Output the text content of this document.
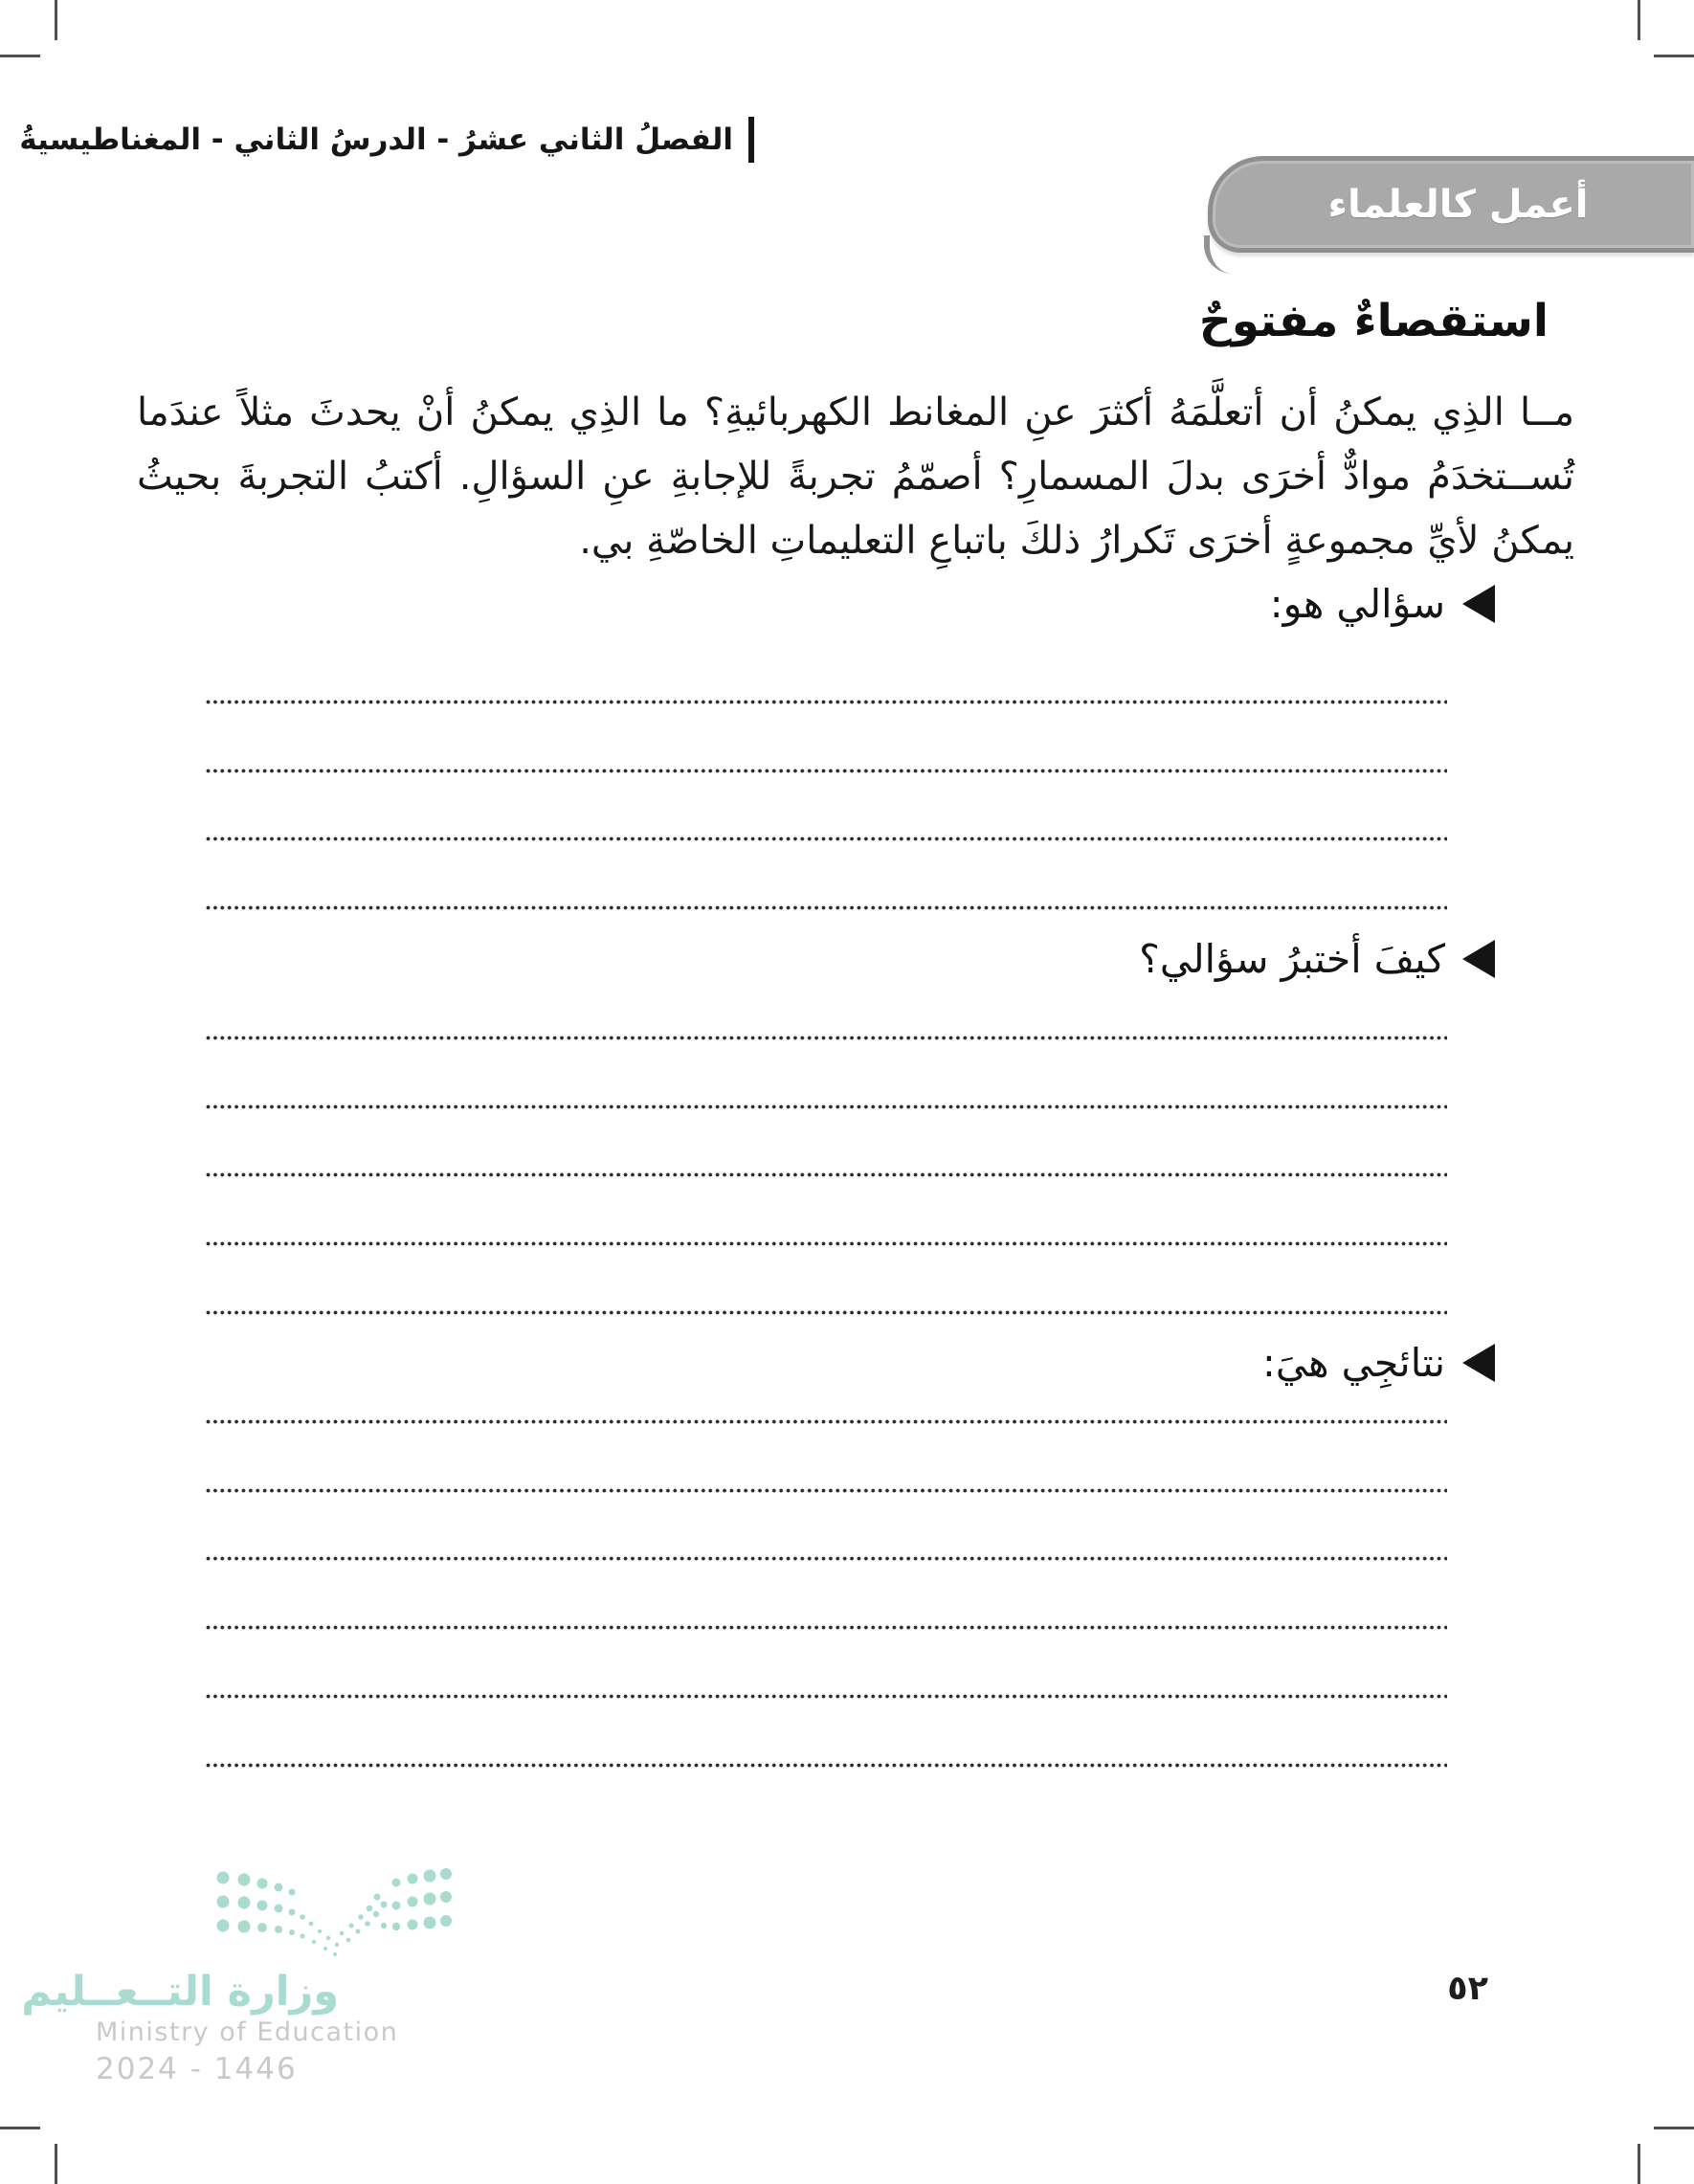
الفصلُ الثاني عشرُ - الدرسُ الثاني - المغناطيسيةُ
أعمل كالعلماء
استقصاءٌ مفتوحٌ
مــا الذِي يمكنُ أن أتعلَّمَهُ أكثرَ عنِ المغانط الكهربائيةِ؟ ما الذِي يمكنُ أنْ يحدثَ مثلاً عندَما تُســتخدَمُ موادٌّ أخرَى بدلَ المسمارِ؟ أصمّمُ تجربةً للإجابةِ عنِ السؤالِ. أكتبُ التجربةَ بحيثُ يمكنُ لأيِّ مجموعةٍ أخرَى تَكرارُ ذلكَ باتباعِ التعليماتِ الخاصّةِ بي.
سؤالي هو:
كيفَ أختبرُ سؤالي؟
نتائجِي هيَ:
٥٢
وزارة التــعــليم
Ministry of Education
2024 - 1446
